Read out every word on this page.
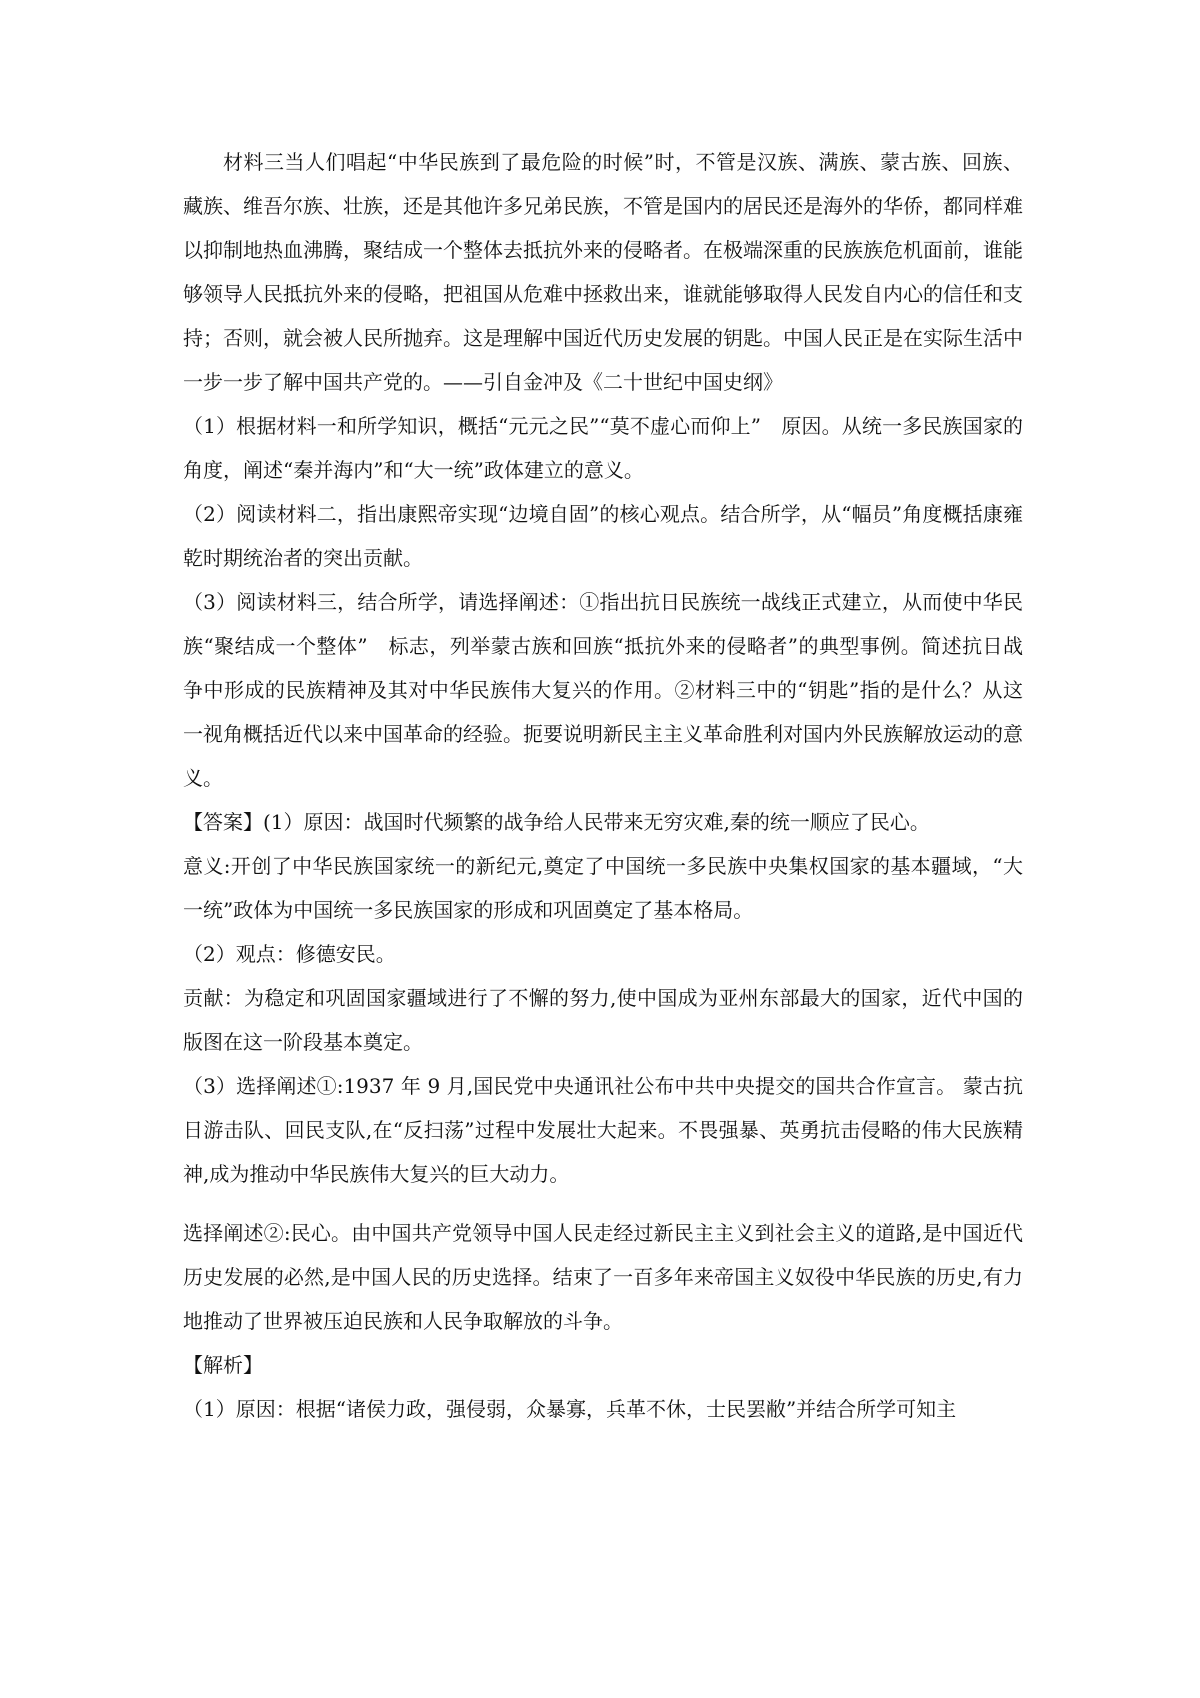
材料三当人们唱起“中华民族到了最危险的时候”时，不管是汉族、满族、蒙古族、回族、藏族、维吾尔族、壮族，还是其他许多兄弟民族，不管是国内的居民还是海外的华侨，都同样难以抑制地热血沸腾，聚结成一个整体去抵抗外来的侵略者。在极端深重的民族族危机面前，谁能够领导人民抵抗外来的侵略，把祖国从危难中拯救出来，谁就能够取得人民发自内心的信任和支持；否则，就会被人民所抛弃。这是理解中国近代历史发展的钥匙。中国人民正是在实际生活中一步一步了解中国共产党的。——引自金冲及《二十世纪中国史纲》

（1）根据材料一和所学知识，概括“元元之民”“莫不虚心而仰上”　原因。从统一多民族国家的角度，阐述“秦并海内”和“大一统”政体建立的意义。

（2）阅读材料二，指出康熙帝实现“边境自固”的核心观点。结合所学，从“幅员”角度概括康雍乾时期统治者的突出贡献。

（3）阅读材料三，结合所学，请选择阐述：①指出抗日民族统一战线正式建立，从而使中华民族“聚结成一个整体”　标志，列举蒙古族和回族“抵抗外来的侵略者”的典型事例。简述抗日战争中形成的民族精神及其对中华民族伟大复兴的作用。②材料三中的“钥匙”指的是什么？从这一视角概括近代以来中国革命的经验。扼要说明新民主主义革命胜利对国内外民族解放运动的意义。

【答案】(1）原因：战国时代频繁的战争给人民带来无穷灾难,秦的统一顺应了民心。

意义:开创了中华民族国家统一的新纪元,奠定了中国统一多民族中央集权国家的基本疆域，“大一统”政体为中国统一多民族国家的形成和巩固奠定了基本格局。

（2）观点：修德安民。

贡献：为稳定和巩固国家疆域进行了不懈的努力,使中国成为亚州东部最大的国家，近代中国的版图在这一阶段基本奠定。

（3）选择阐述①:1937 年 9 月,国民党中央通讯社公布中共中央提交的国共合作宣言。 蒙古抗日游击队、回民支队,在“反扫荡”过程中发展壮大起来。不畏强暴、英勇抗击侵略的伟大民族精神,成为推动中华民族伟大复兴的巨大动力。

选择阐述②:民心。由中国共产党领导中国人民走经过新民主主义到社会主义的道路,是中国近代历史发展的必然,是中国人民的历史选择。结束了一百多年来帝国主义奴役中华民族的历史,有力地推动了世界被压迫民族和人民争取解放的斗争。

【解析】

（1）原因：根据“诸侯力政，强侵弱，众暴寡，兵革不休，士民罢敝”并结合所学可知主
